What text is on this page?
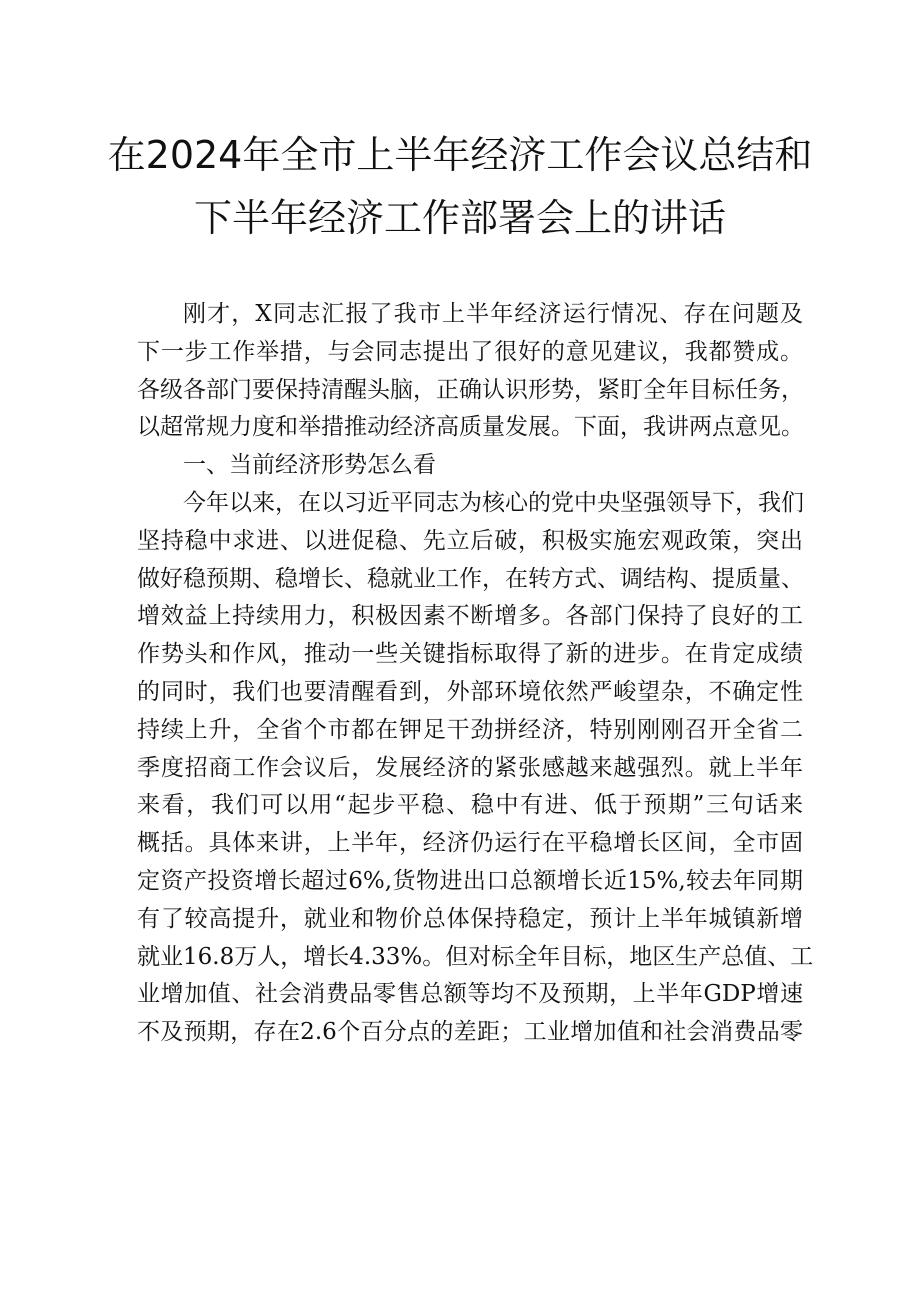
在2024年全市上半年经济工作会议总结和
下半年经济工作部署会上的讲话
刚才，X同志汇报了我市上半年经济运行情况、存在问题及
下一步工作举措，与会同志提出了很好的意见建议，我都赞成。
各级各部门要保持清醒头脑，正确认识形势，紧盯全年目标任务，
以超常规力度和举措推动经济高质量发展。下面，我讲两点意见。
一、当前经济形势怎么看
今年以来，在以习近平同志为核心的党中央坚强领导下，我们
坚持稳中求进、以进促稳、先立后破，积极实施宏观政策，突出
做好稳预期、稳增长、稳就业工作，在转方式、调结构、提质量、
增效益上持续用力，积极因素不断增多。各部门保持了良好的工
作势头和作风，推动一些关键指标取得了新的进步。在肯定成绩
的同时，我们也要清醒看到，外部环境依然严峻望杂，不确定性
持续上升，全省个市都在钾足干劲拼经济，特别刚刚召开全省二
季度招商工作会议后，发展经济的紧张感越来越强烈。就上半年
来看，我们可以用“起步平稳、稳中有进、低于预期”三句话来
概括。具体来讲，上半年，经济仍运行在平稳增长区间，全市固
定资产投资增长超过6%,货物进出口总额增长近15%,较去年同期
有了较高提升，就业和物价总体保持稳定，预计上半年城镇新增
就业16.8万人，增长4.33%。但对标全年目标，地区生产总值、工
业增加值、社会消费品零售总额等均不及预期，上半年GDP增速
不及预期，存在2.6个百分点的差距；工业增加值和社会消费品零
